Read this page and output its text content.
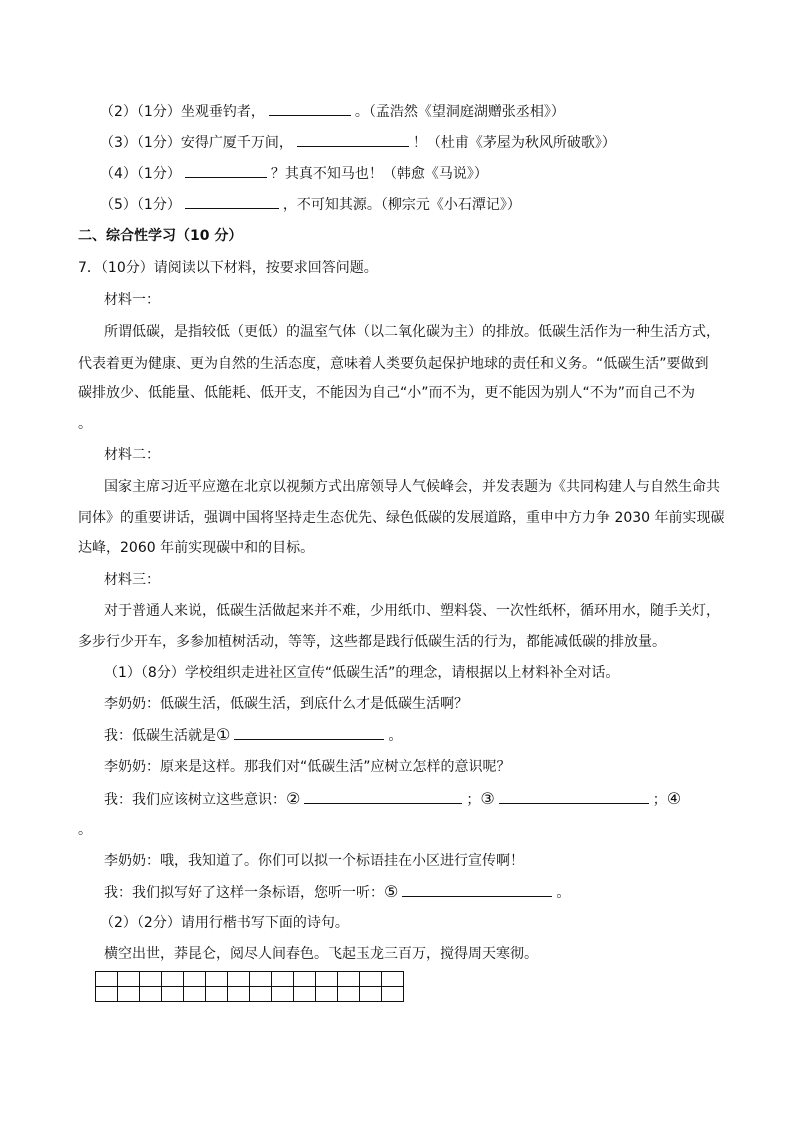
（2）（1分）坐观垂钓者，	。（孟浩然《望洞庭湖赠张丞相》）
（3）（1分）安得广厦千万间，	！（杜甫《茅屋为秋风所破歌》）
（4）（1分）	？其真不知马也！（韩愈《马说》）
（5）（1分）	，不可知其源。（柳宗元《小石潭记》）
二、综合性学习（10 分）
7．（10分）请阅读以下材料，按要求回答问题。
材料一：
所谓低碳，是指较低（更低）的温室气体（以二氧化碳为主）的排放。低碳生活作为一种生活方式，
代表着更为健康、更为自然的生活态度，意味着人类要负起保护地球的责任和义务。“低碳生活”要做到
碳排放少、低能量、低能耗、低开支，不能因为自己“小”而不为，更不能因为别人“不为”而自己不为
。
材料二：
国家主席习近平应邀在北京以视频方式出席领导人气候峰会，并发表题为《共同构建人与自然生命共
同体》的重要讲话，强调中国将坚持走生态优先、绿色低碳的发展道路，重申中方力争 2030 年前实现碳
达峰，2060 年前实现碳中和的目标。
材料三：
对于普通人来说，低碳生活做起来并不难，少用纸巾、塑料袋、一次性纸杯，循环用水，随手关灯，
多步行少开车，多参加植树活动，等等，这些都是践行低碳生活的行为，都能减低碳的排放量。
（1）（8分）学校组织走进社区宣传“低碳生活”的理念，请根据以上材料补全对话。
李奶奶：低碳生活，低碳生活，到底什么才是低碳生活啊？
我：低碳生活就是①	。
李奶奶：原来是这样。那我们对“低碳生活”应树立怎样的意识呢？
我：我们应该树立这些意识：②	；③	；④
。
李奶奶：哦，我知道了。你们可以拟一个标语挂在小区进行宣传啊！
我：我们拟写好了这样一条标语，您听一听：⑤	。
（2）（2分）请用行楷书写下面的诗句。
横空出世，莽昆仑，阅尽人间春色。飞起玉龙三百万，搅得周天寒彻。
